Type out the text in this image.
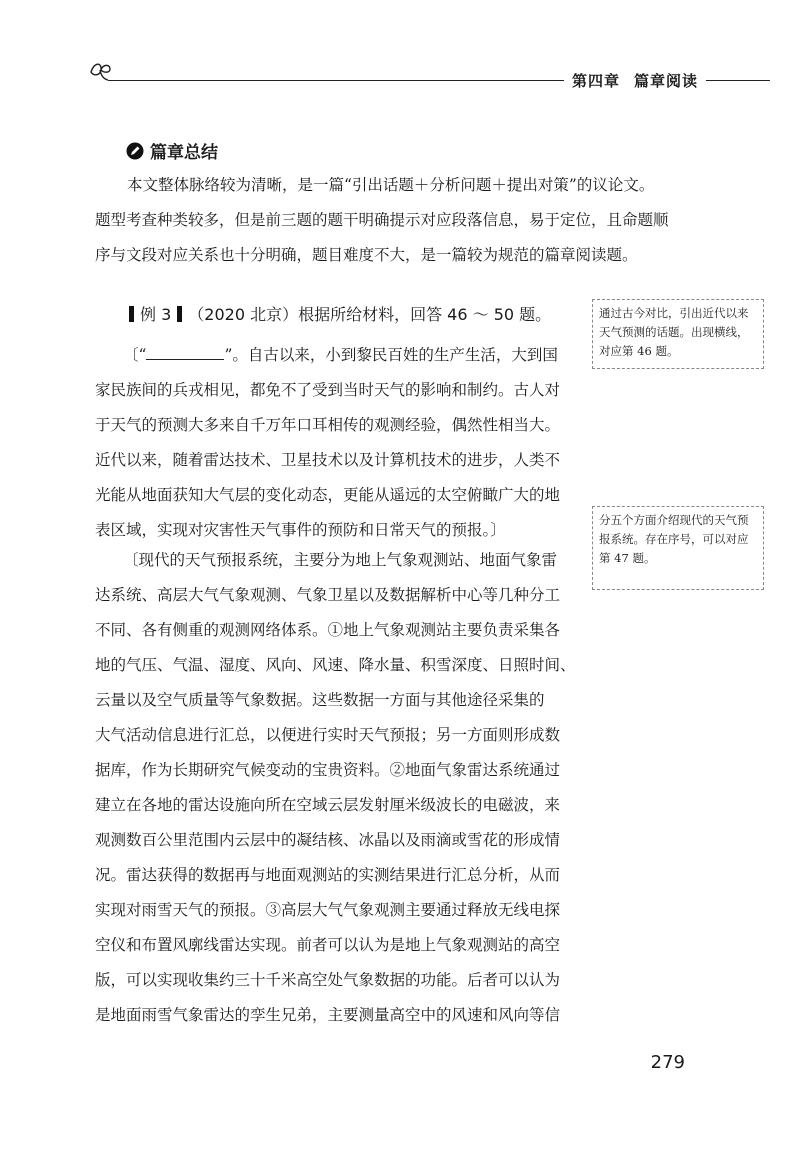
第四章 篇章阅读
篇章总结
本文整体脉络较为清晰，是一篇“引出话题＋分析问题＋提出对策”的议论文。
题型考查种类较多，但是前三题的题干明确提示对应段落信息，易于定位，且命题顺
序与文段对应关系也十分明确，题目难度不大，是一篇较为规范的篇章阅读题。
例 3 （2020 北京）根据所给材料，回答 46 ～ 50 题。
〔“	”。自古以来，小到黎民百姓的生产生活，大到国
家民族间的兵戎相见，都免不了受到当时天气的影响和制约。古人对
于天气的预测大多来自千万年口耳相传的观测经验，偶然性相当大。
近代以来，随着雷达技术、卫星技术以及计算机技术的进步，人类不
光能从地面获知大气层的变化动态，更能从遥远的太空俯瞰广大的地
表区域，实现对灾害性天气事件的预防和日常天气的预报。〕
〔现代的天气预报系统，主要分为地上气象观测站、地面气象雷
达系统、高层大气气象观测、气象卫星以及数据解析中心等几种分工
不同、各有侧重的观测网络体系。①地上气象观测站主要负责采集各
地的气压、气温、湿度、风向、风速、降水量、积雪深度、日照时间、
云量以及空气质量等气象数据。这些数据一方面与其他途径采集的
大气活动信息进行汇总，以便进行实时天气预报；另一方面则形成数
据库，作为长期研究气候变动的宝贵资料。②地面气象雷达系统通过
建立在各地的雷达设施向所在空域云层发射厘米级波长的电磁波，来
观测数百公里范围内云层中的凝结核、冰晶以及雨滴或雪花的形成情
况。雷达获得的数据再与地面观测站的实测结果进行汇总分析，从而
实现对雨雪天气的预报。③高层大气气象观测主要通过释放无线电探
空仪和布置风廓线雷达实现。前者可以认为是地上气象观测站的高空
版，可以实现收集约三十千米高空处气象数据的功能。后者可以认为
是地面雨雪气象雷达的孪生兄弟，主要测量高空中的风速和风向等信
通过古今对比，引出近代以来天气预测的话题。出现横线，对应第 46 题。
分五个方面介绍现代的天气预报系统。存在序号，可以对应第 47 题。
279
